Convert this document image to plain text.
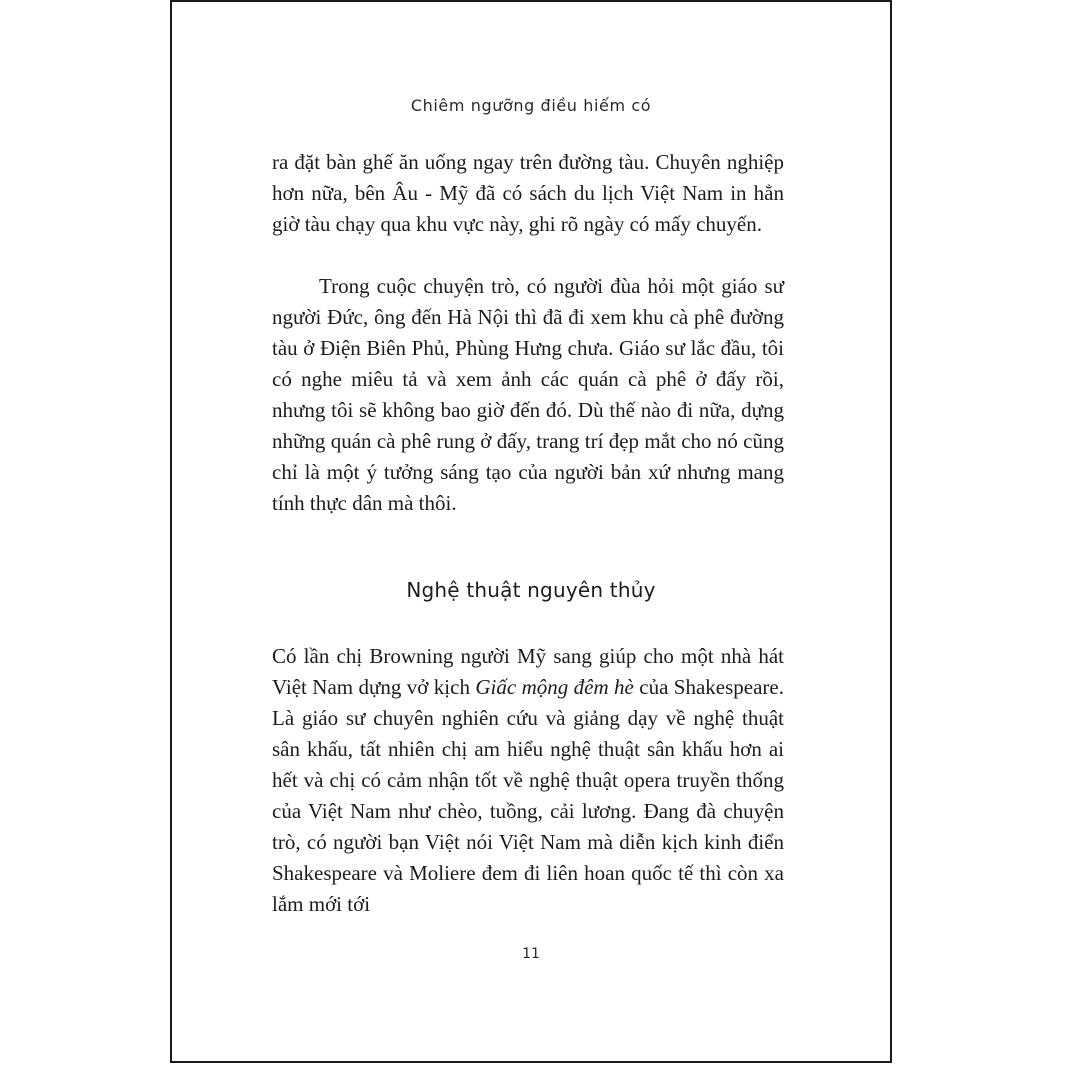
Chiêm ngưỡng điều hiếm có

ra đặt bàn ghế ăn uống ngay trên đường tàu. Chuyên nghiệp hơn nữa, bên Âu - Mỹ đã có sách du lịch Việt Nam in hẳn giờ tàu chạy qua khu vực này, ghi rõ ngày có mấy chuyến.

Trong cuộc chuyện trò, có người đùa hỏi một giáo sư người Đức, ông đến Hà Nội thì đã đi xem khu cà phê đường tàu ở Điện Biên Phủ, Phùng Hưng chưa. Giáo sư lắc đầu, tôi có nghe miêu tả và xem ảnh các quán cà phê ở đấy rồi, nhưng tôi sẽ không bao giờ đến đó. Dù thế nào đi nữa, dựng những quán cà phê rung ở đấy, trang trí đẹp mắt cho nó cũng chỉ là một ý tưởng sáng tạo của người bản xứ nhưng mang tính thực dân mà thôi.

Nghệ thuật nguyên thủy

Có lần chị Browning người Mỹ sang giúp cho một nhà hát Việt Nam dựng vở kịch Giấc mộng đêm hè của Shakespeare. Là giáo sư chuyên nghiên cứu và giảng dạy về nghệ thuật sân khấu, tất nhiên chị am hiểu nghệ thuật sân khấu hơn ai hết và chị có cảm nhận tốt về nghệ thuật opera truyền thống của Việt Nam như chèo, tuồng, cải lương. Đang đà chuyện trò, có người bạn Việt nói Việt Nam mà diễn kịch kinh điển Shakespeare và Moliere đem đi liên hoan quốc tế thì còn xa lắm mới tới

11
